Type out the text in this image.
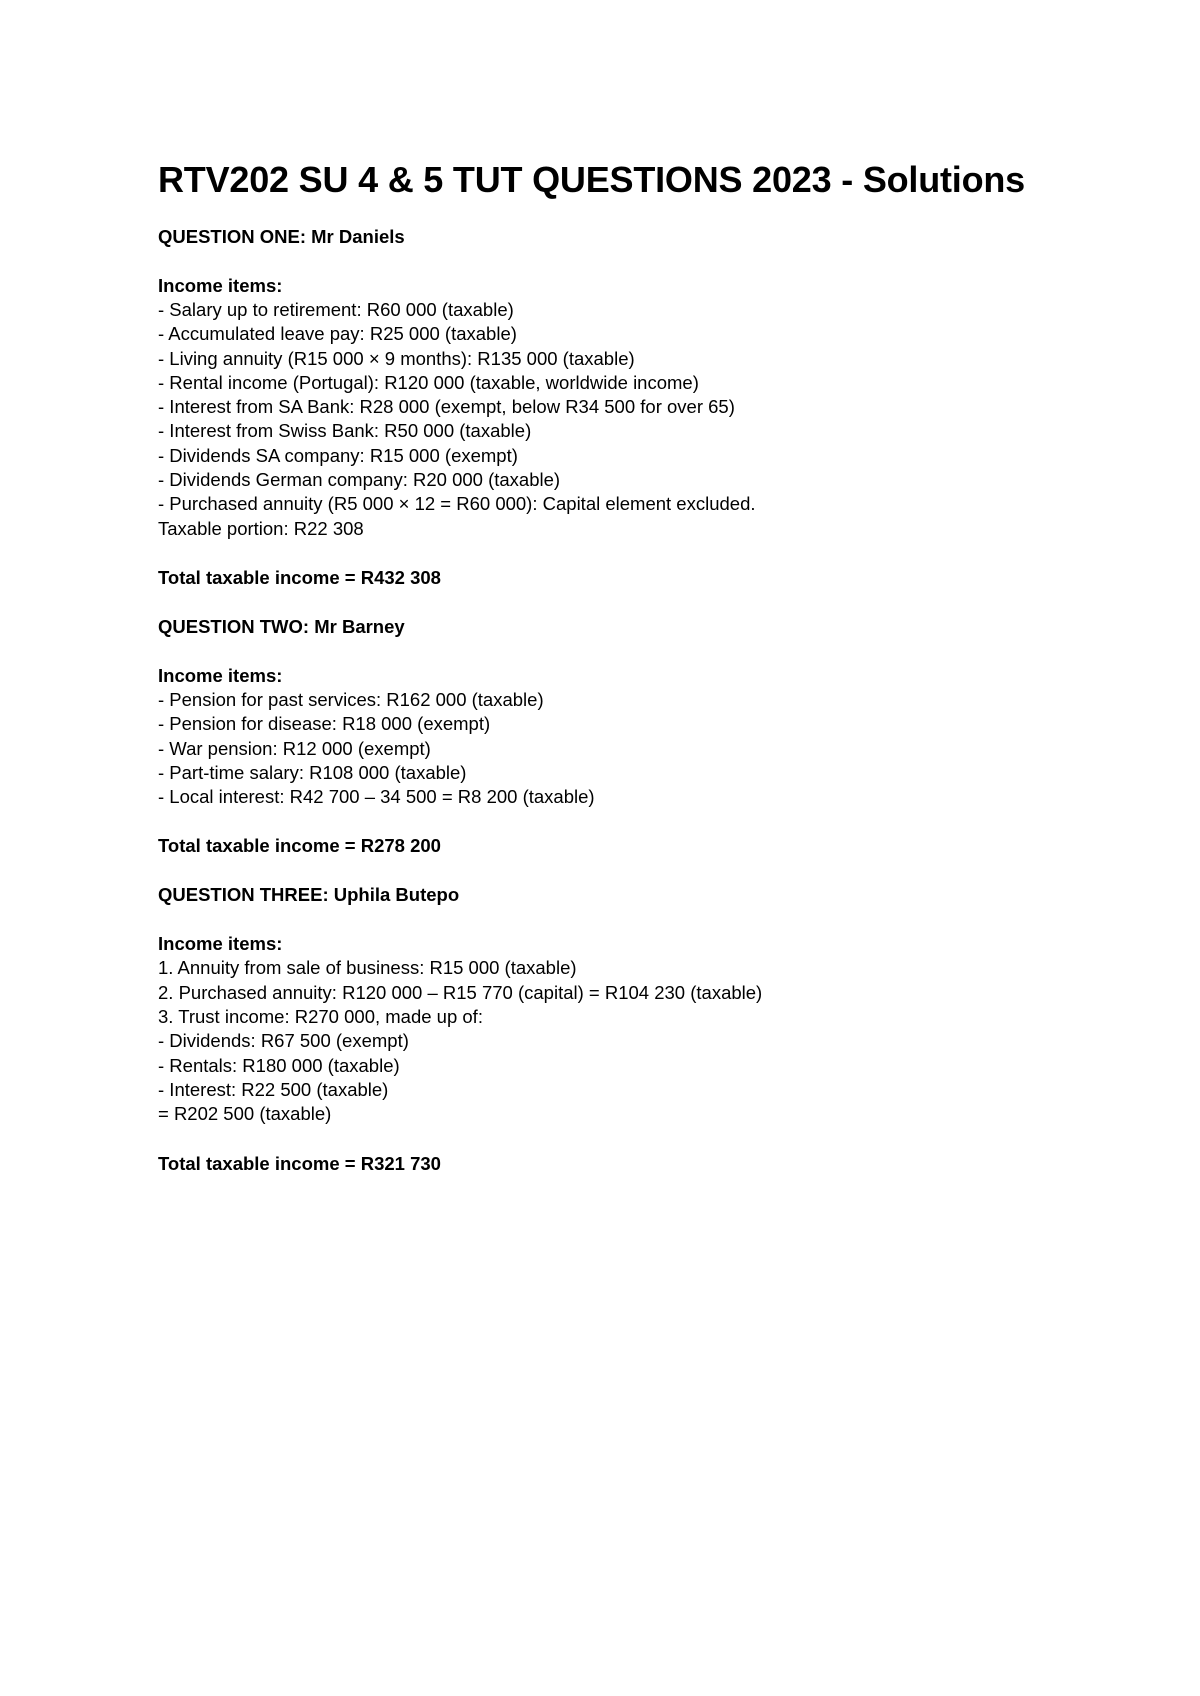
RTV202 SU 4 & 5 TUT QUESTIONS 2023 - Solutions

QUESTION ONE: Mr Daniels

Income items:

- Salary up to retirement: R60 000 (taxable)

- Accumulated leave pay: R25 000 (taxable)

- Living annuity (R15 000 × 9 months): R135 000 (taxable)

- Rental income (Portugal): R120 000 (taxable, worldwide income)

- Interest from SA Bank: R28 000 (exempt, below R34 500 for over 65)

- Interest from Swiss Bank: R50 000 (taxable)

- Dividends SA company: R15 000 (exempt)

- Dividends German company: R20 000 (taxable)

- Purchased annuity (R5 000 × 12 = R60 000): Capital element excluded.

Taxable portion: R22 308

Total taxable income = R432 308

QUESTION TWO: Mr Barney

Income items:

- Pension for past services: R162 000 (taxable)

- Pension for disease: R18 000 (exempt)

- War pension: R12 000 (exempt)

- Part-time salary: R108 000 (taxable)

- Local interest: R42 700 – 34 500 = R8 200 (taxable)

Total taxable income = R278 200

QUESTION THREE: Uphila Butepo

Income items:

1. Annuity from sale of business: R15 000 (taxable)

2. Purchased annuity: R120 000 – R15 770 (capital) = R104 230 (taxable)

3. Trust income: R270 000, made up of:

- Dividends: R67 500 (exempt)

- Rentals: R180 000 (taxable)

- Interest: R22 500 (taxable)

= R202 500 (taxable)

Total taxable income = R321 730
